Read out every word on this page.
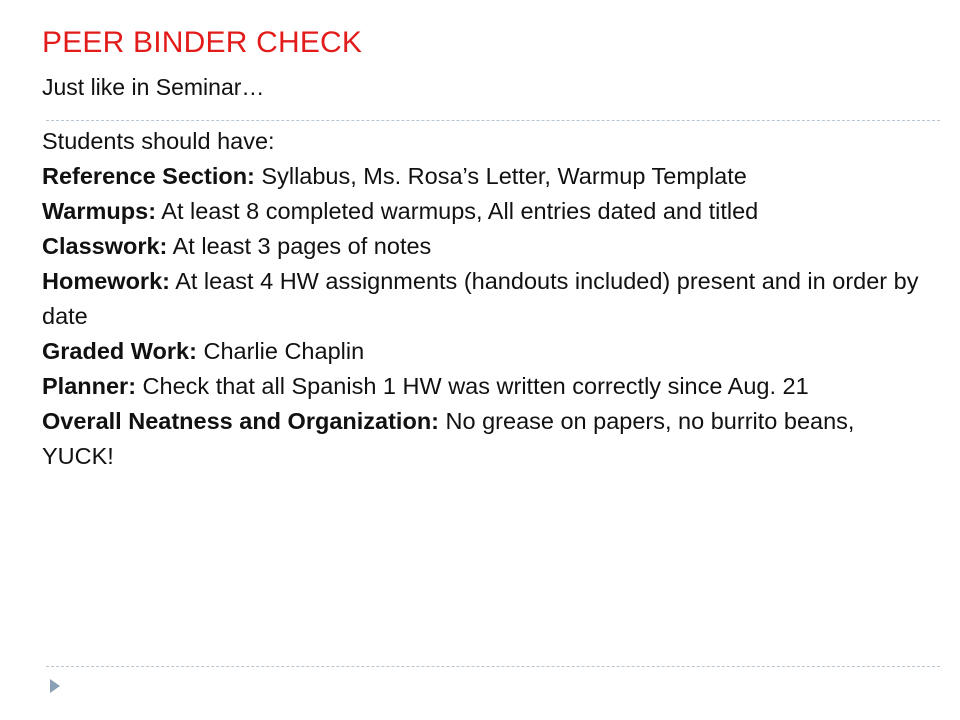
PEER BINDER CHECK
Just like in Seminar…

Students should have:

Reference Section: Syllabus, Ms. Rosa’s Letter, Warmup Template

Warmups: At least 8 completed warmups, All entries dated and titled

Classwork: At least 3 pages of notes

Homework: At least 4 HW assignments (handouts included) present and in order by date

Graded Work: Charlie Chaplin

Planner: Check that all Spanish 1 HW was written correctly since Aug. 21

Overall Neatness and Organization: No grease on papers, no burrito beans, YUCK!
